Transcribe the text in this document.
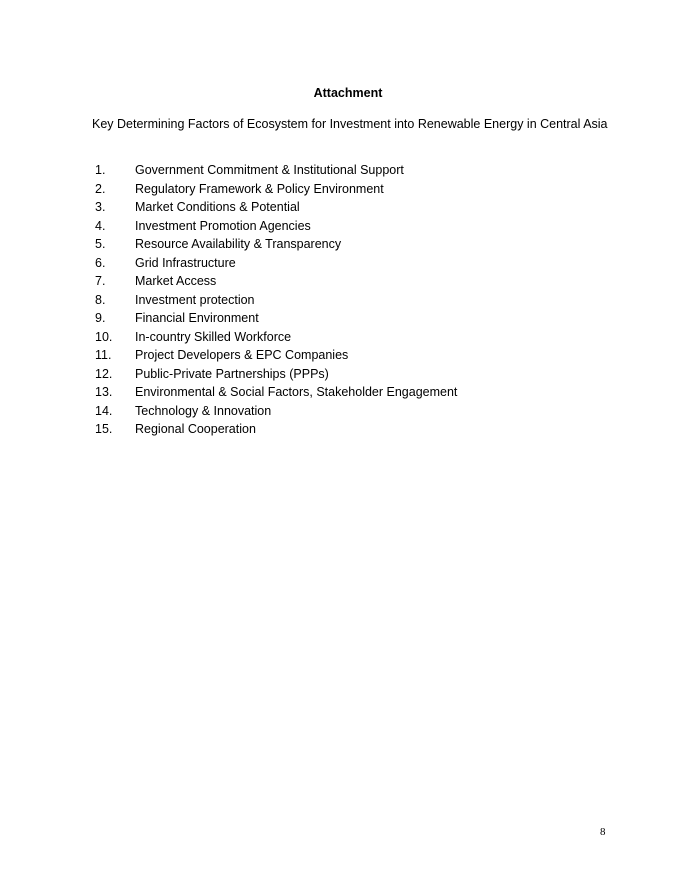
Attachment

Key Determining Factors of Ecosystem for Investment into Renewable Energy in Central Asia

1.	Government Commitment & Institutional Support
2.	Regulatory Framework & Policy Environment
3.	Market Conditions & Potential
4.	Investment Promotion Agencies
5.	Resource Availability & Transparency
6.	Grid Infrastructure
7.	Market Access
8.	Investment protection
9.	Financial Environment
10.	In-country Skilled Workforce
11.	Project Developers & EPC Companies
12.	Public-Private Partnerships (PPPs)
13.	Environmental & Social Factors, Stakeholder Engagement
14.	Technology & Innovation
15.	Regional Cooperation

8
